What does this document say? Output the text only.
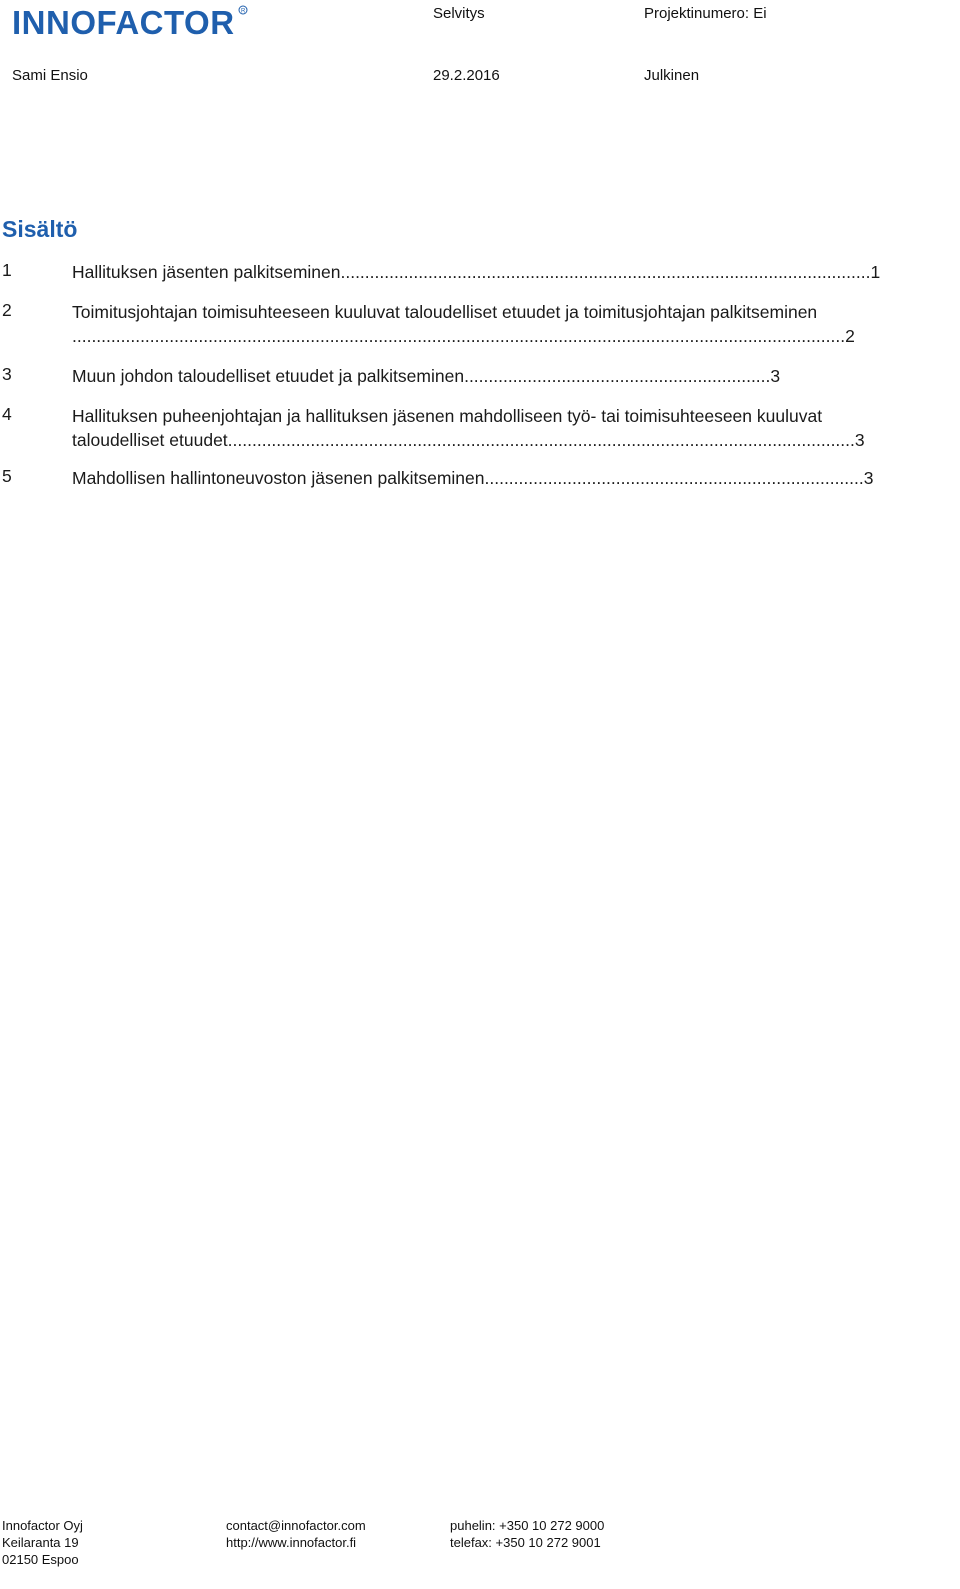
INNOFACTOR R	Selvitys	Projektinumero: Ei
Sami Ensio	29.2.2016	Julkinen
Sisältö
1	Hallituksen jäsenten palkitseminen.............................................................................................................1
2	Toimitusjohtajan toimisuhteeseen kuuluvat taloudelliset etuudet ja toimitusjohtajan palkitseminen
...............................................................................................................................................................2
3	Muun johdon taloudelliset etuudet ja palkitseminen...............................................................3
4	Hallituksen puheenjohtajan ja hallituksen jäsenen mahdolliseen työ- tai toimisuhteeseen kuuluvat
taloudelliset etuudet.................................................................................................................................3
5	Mahdollisen hallintoneuvoston jäsenen palkitseminen..............................................................................3
Innofactor Oyj
Keilaranta 19
02150 Espoo
contact@innofactor.com
http://www.innofactor.fi
puhelin: +350 10 272 9000
telefax: +350 10 272 9001
